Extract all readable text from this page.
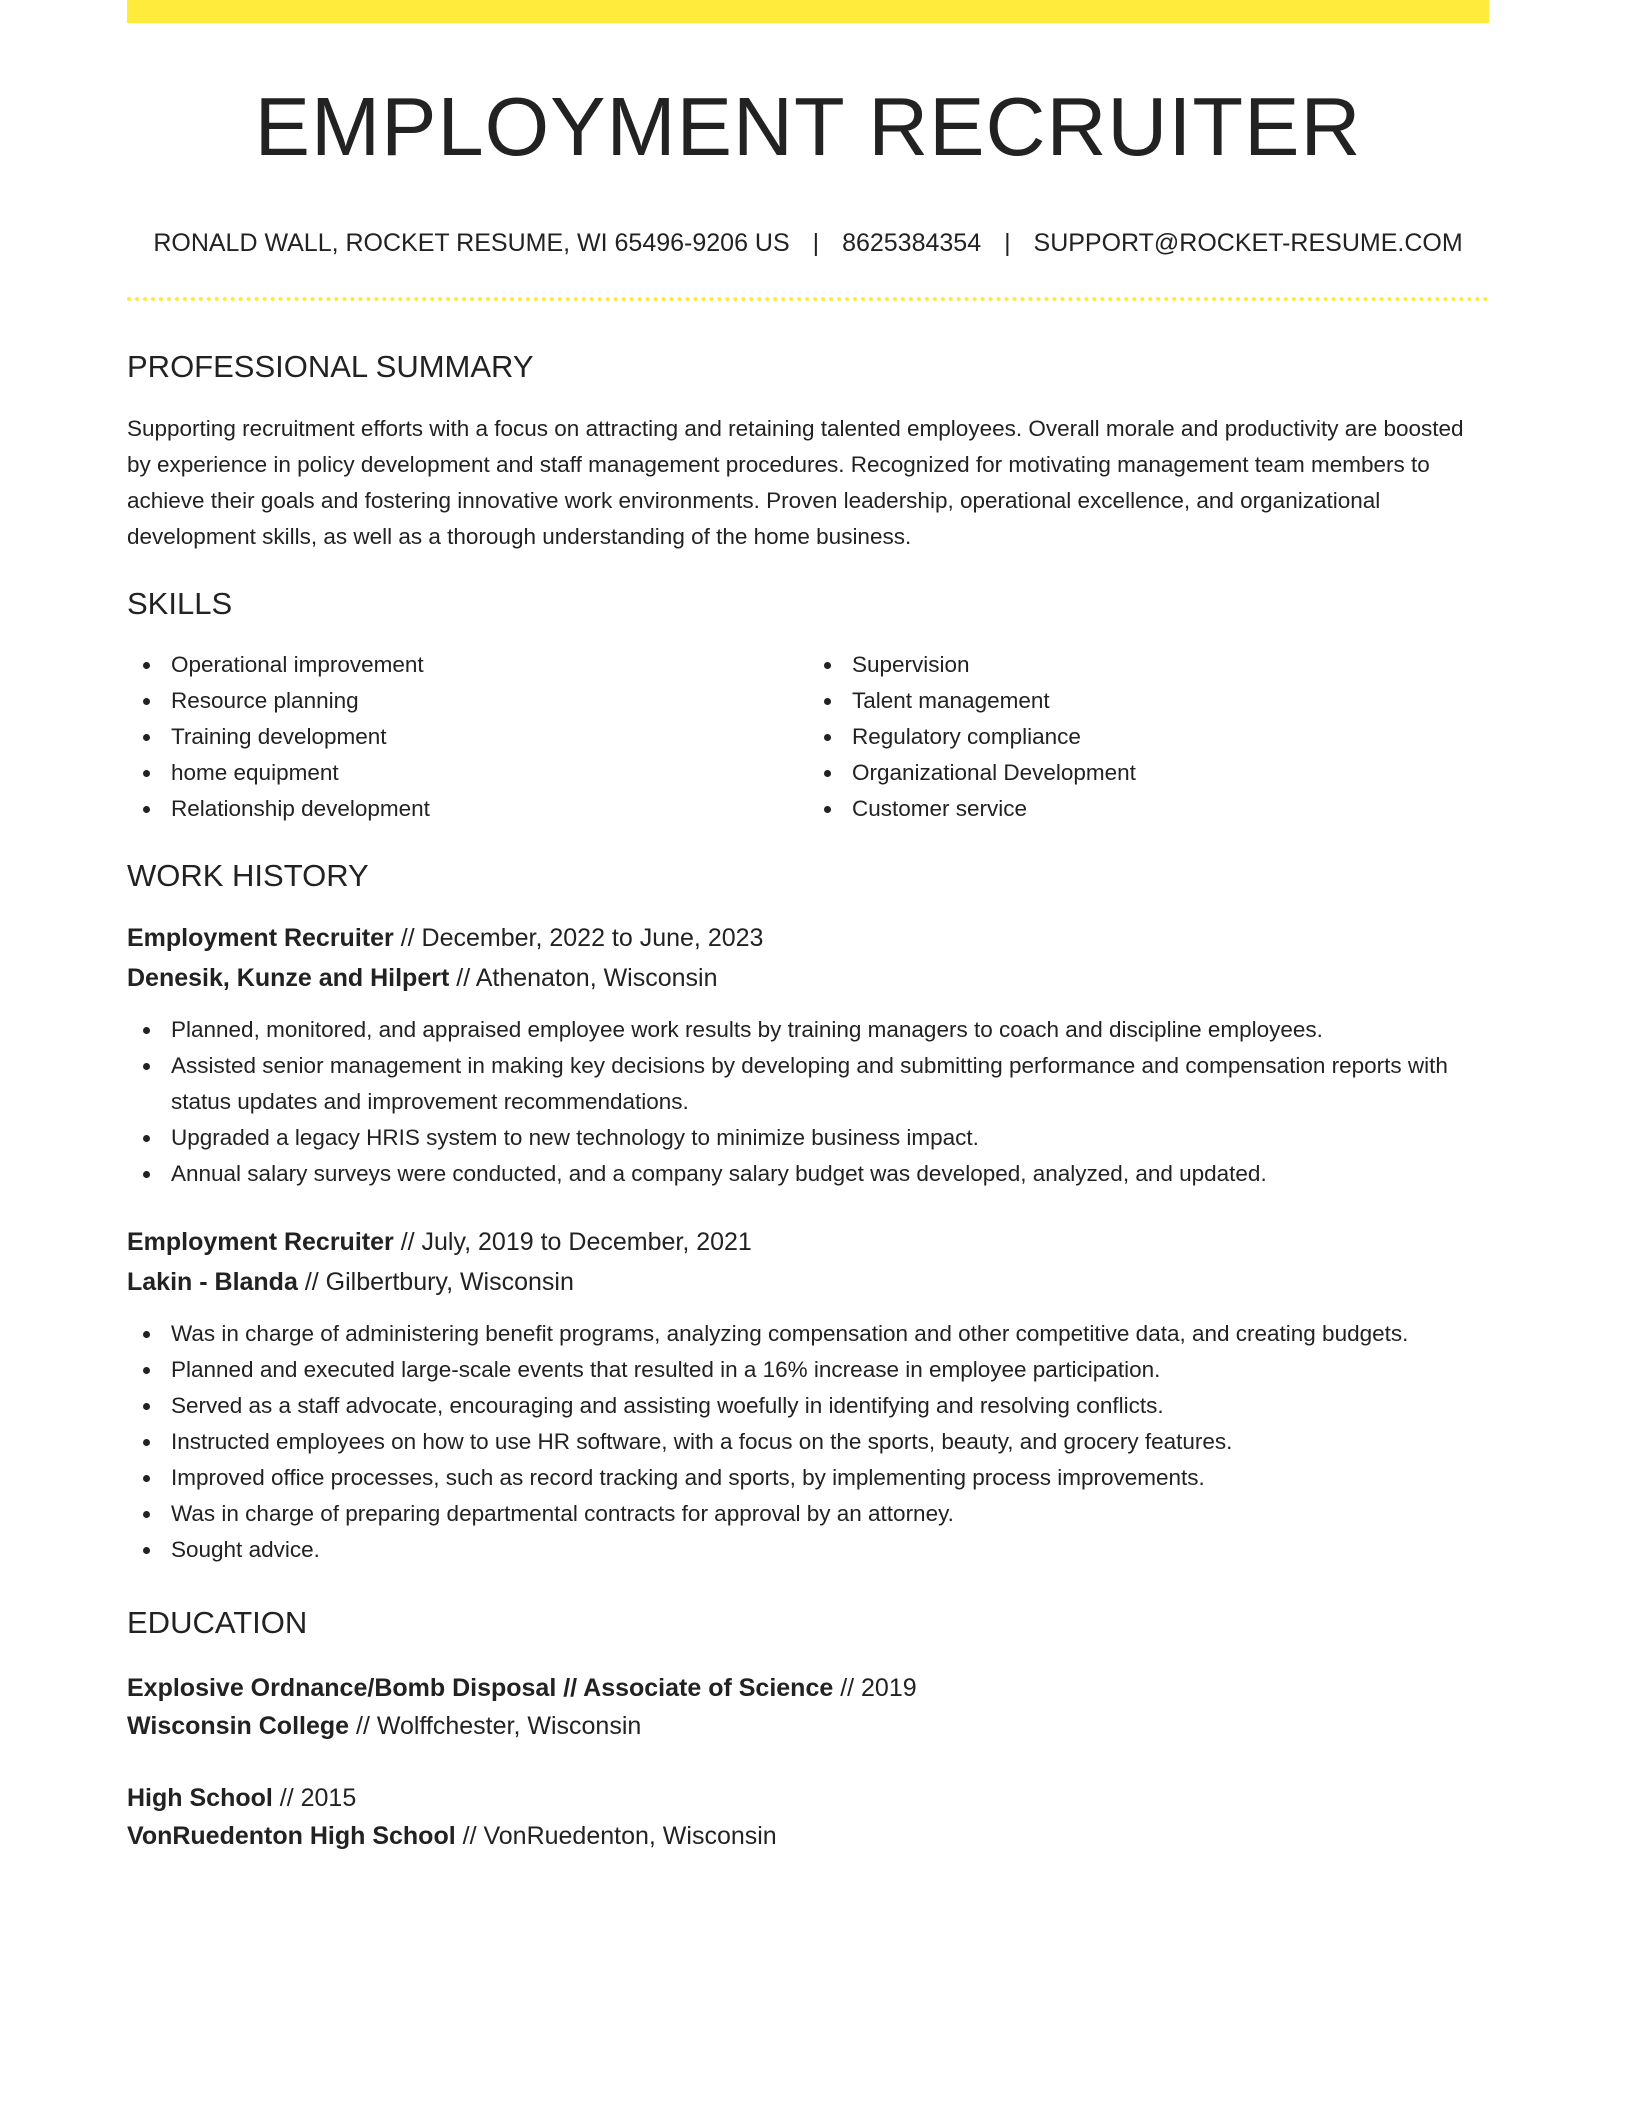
EMPLOYMENT RECRUITER
RONALD WALL, ROCKET RESUME, WI 65496-9206 US | 8625384354 | SUPPORT@ROCKET-RESUME.COM
PROFESSIONAL SUMMARY

Supporting recruitment efforts with a focus on attracting and retaining talented employees. Overall morale and productivity are boosted by experience in policy development and staff management procedures. Recognized for motivating management team members to achieve their goals and fostering innovative work environments. Proven leadership, operational excellence, and organizational development skills, as well as a thorough understanding of the home business.

SKILLS
Operational improvement
Resource planning
Training development
home equipment
Relationship development
Supervision
Talent management
Regulatory compliance
Organizational Development
Customer service
WORK HISTORY
Employment Recruiter // December, 2022 to June, 2023
Denesik, Kunze and Hilpert // Athenaton, Wisconsin
Planned, monitored, and appraised employee work results by training managers to coach and discipline employees.
Assisted senior management in making key decisions by developing and submitting performance and compensation reports with status updates and improvement recommendations.
Upgraded a legacy HRIS system to new technology to minimize business impact.
Annual salary surveys were conducted, and a company salary budget was developed, analyzed, and updated.
Employment Recruiter // July, 2019 to December, 2021
Lakin - Blanda // Gilbertbury, Wisconsin
Was in charge of administering benefit programs, analyzing compensation and other competitive data, and creating budgets.
Planned and executed large-scale events that resulted in a 16% increase in employee participation.
Served as a staff advocate, encouraging and assisting woefully in identifying and resolving conflicts.
Instructed employees on how to use HR software, with a focus on the sports, beauty, and grocery features.
Improved office processes, such as record tracking and sports, by implementing process improvements.
Was in charge of preparing departmental contracts for approval by an attorney.
Sought advice.
EDUCATION
Explosive Ordnance/Bomb Disposal // Associate of Science // 2019
Wisconsin College // Wolffchester, Wisconsin
High School // 2015
VonRuedenton High School // VonRuedenton, Wisconsin
